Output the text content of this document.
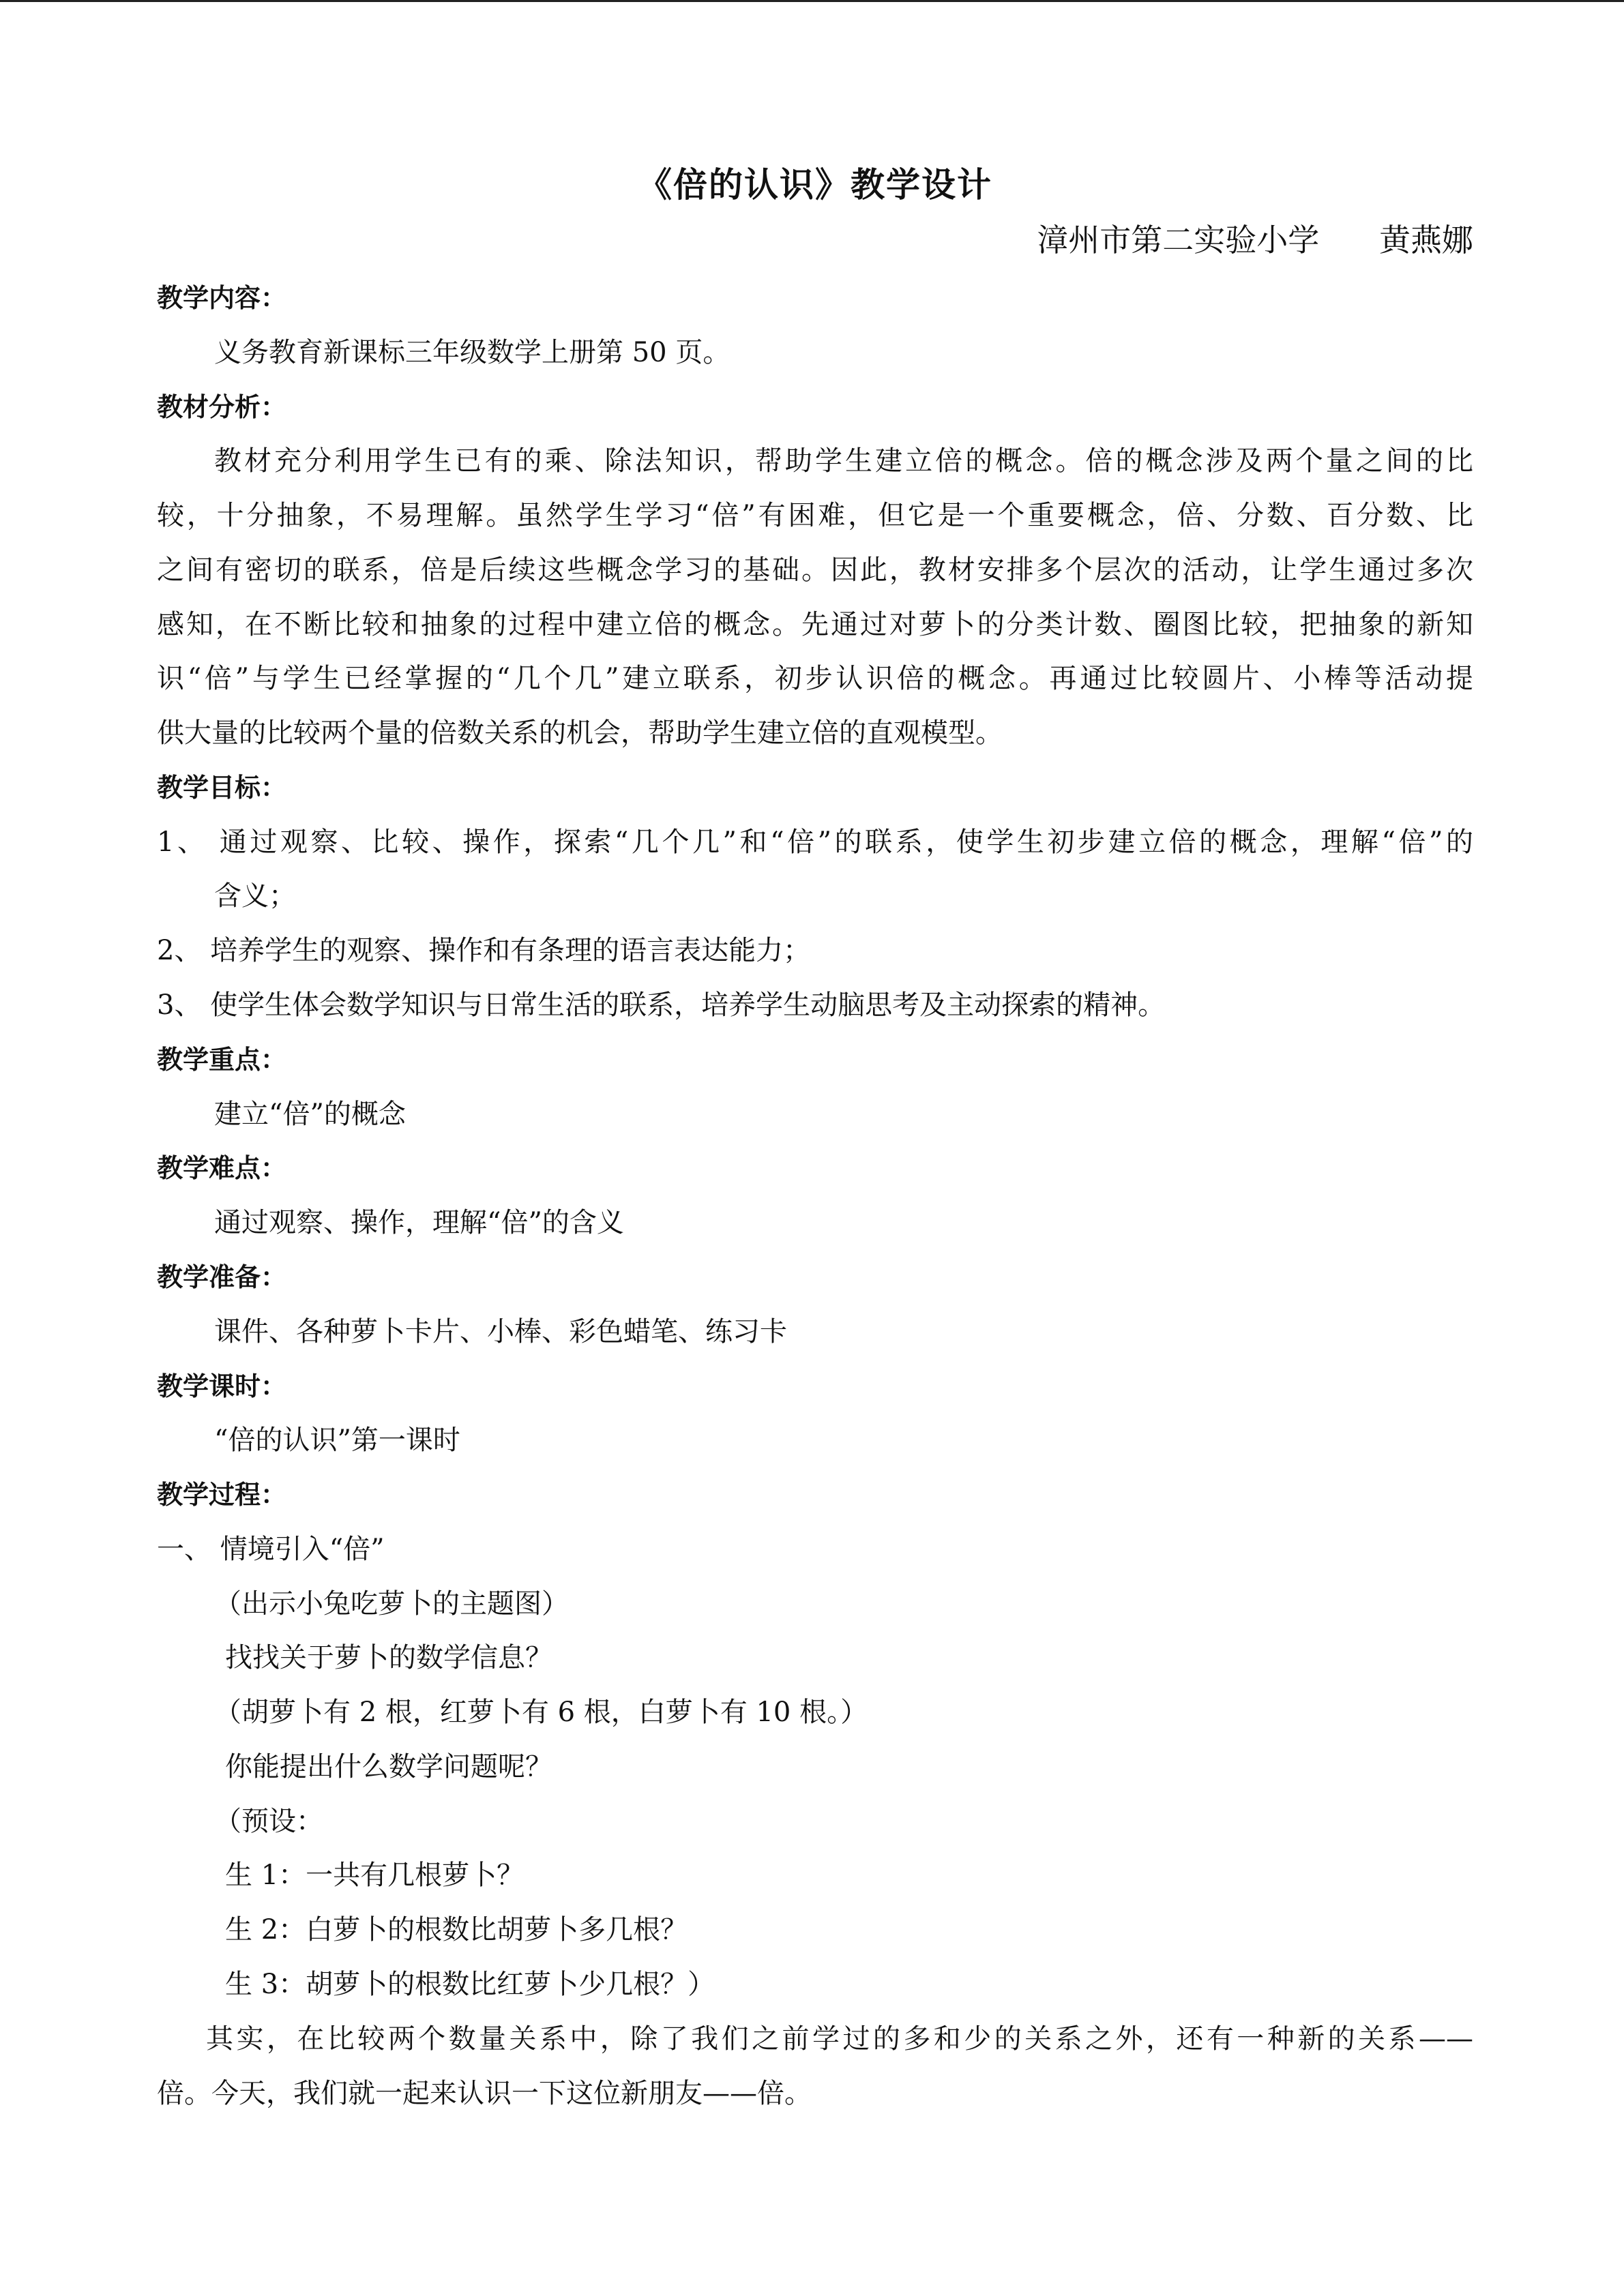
《倍的认识》教学设计
漳州市第二实验小学      黄燕娜
教学内容：
义务教育新课标三年级数学上册第 50 页。
教材分析：
教材充分利用学生已有的乘、除法知识，帮助学生建立倍的概念。倍的概念涉及两个量之间的比
较，十分抽象，不易理解。虽然学生学习“倍”有困难，但它是一个重要概念，倍、分数、百分数、比
之间有密切的联系，倍是后续这些概念学习的基础。因此，教材安排多个层次的活动，让学生通过多次
感知，在不断比较和抽象的过程中建立倍的概念。先通过对萝卜的分类计数、圈图比较，把抽象的新知
识“倍”与学生已经掌握的“几个几”建立联系，初步认识倍的概念。再通过比较圆片、小棒等活动提
供大量的比较两个量的倍数关系的机会，帮助学生建立倍的直观模型。
教学目标：
1、 通过观察、比较、操作，探索“几个几”和“倍”的联系，使学生初步建立倍的概念，理解“倍”的
含义；
2、 培养学生的观察、操作和有条理的语言表达能力；
3、 使学生体会数学知识与日常生活的联系，培养学生动脑思考及主动探索的精神。
教学重点：
建立“倍”的概念
教学难点：
通过观察、操作，理解“倍”的含义
教学准备：
课件、各种萝卜卡片、小棒、彩色蜡笔、练习卡
教学课时：
“倍的认识”第一课时
教学过程：
一、 情境引入“倍”
（出示小兔吃萝卜的主题图）
找找关于萝卜的数学信息？
（胡萝卜有 2 根，红萝卜有 6 根，白萝卜有 10 根。）
你能提出什么数学问题呢？
（预设：
生 1：一共有几根萝卜？
生 2：白萝卜的根数比胡萝卜多几根？
生 3：胡萝卜的根数比红萝卜少几根？）
其实，在比较两个数量关系中，除了我们之前学过的多和少的关系之外，还有一种新的关系——
倍。今天，我们就一起来认识一下这位新朋友——倍。
